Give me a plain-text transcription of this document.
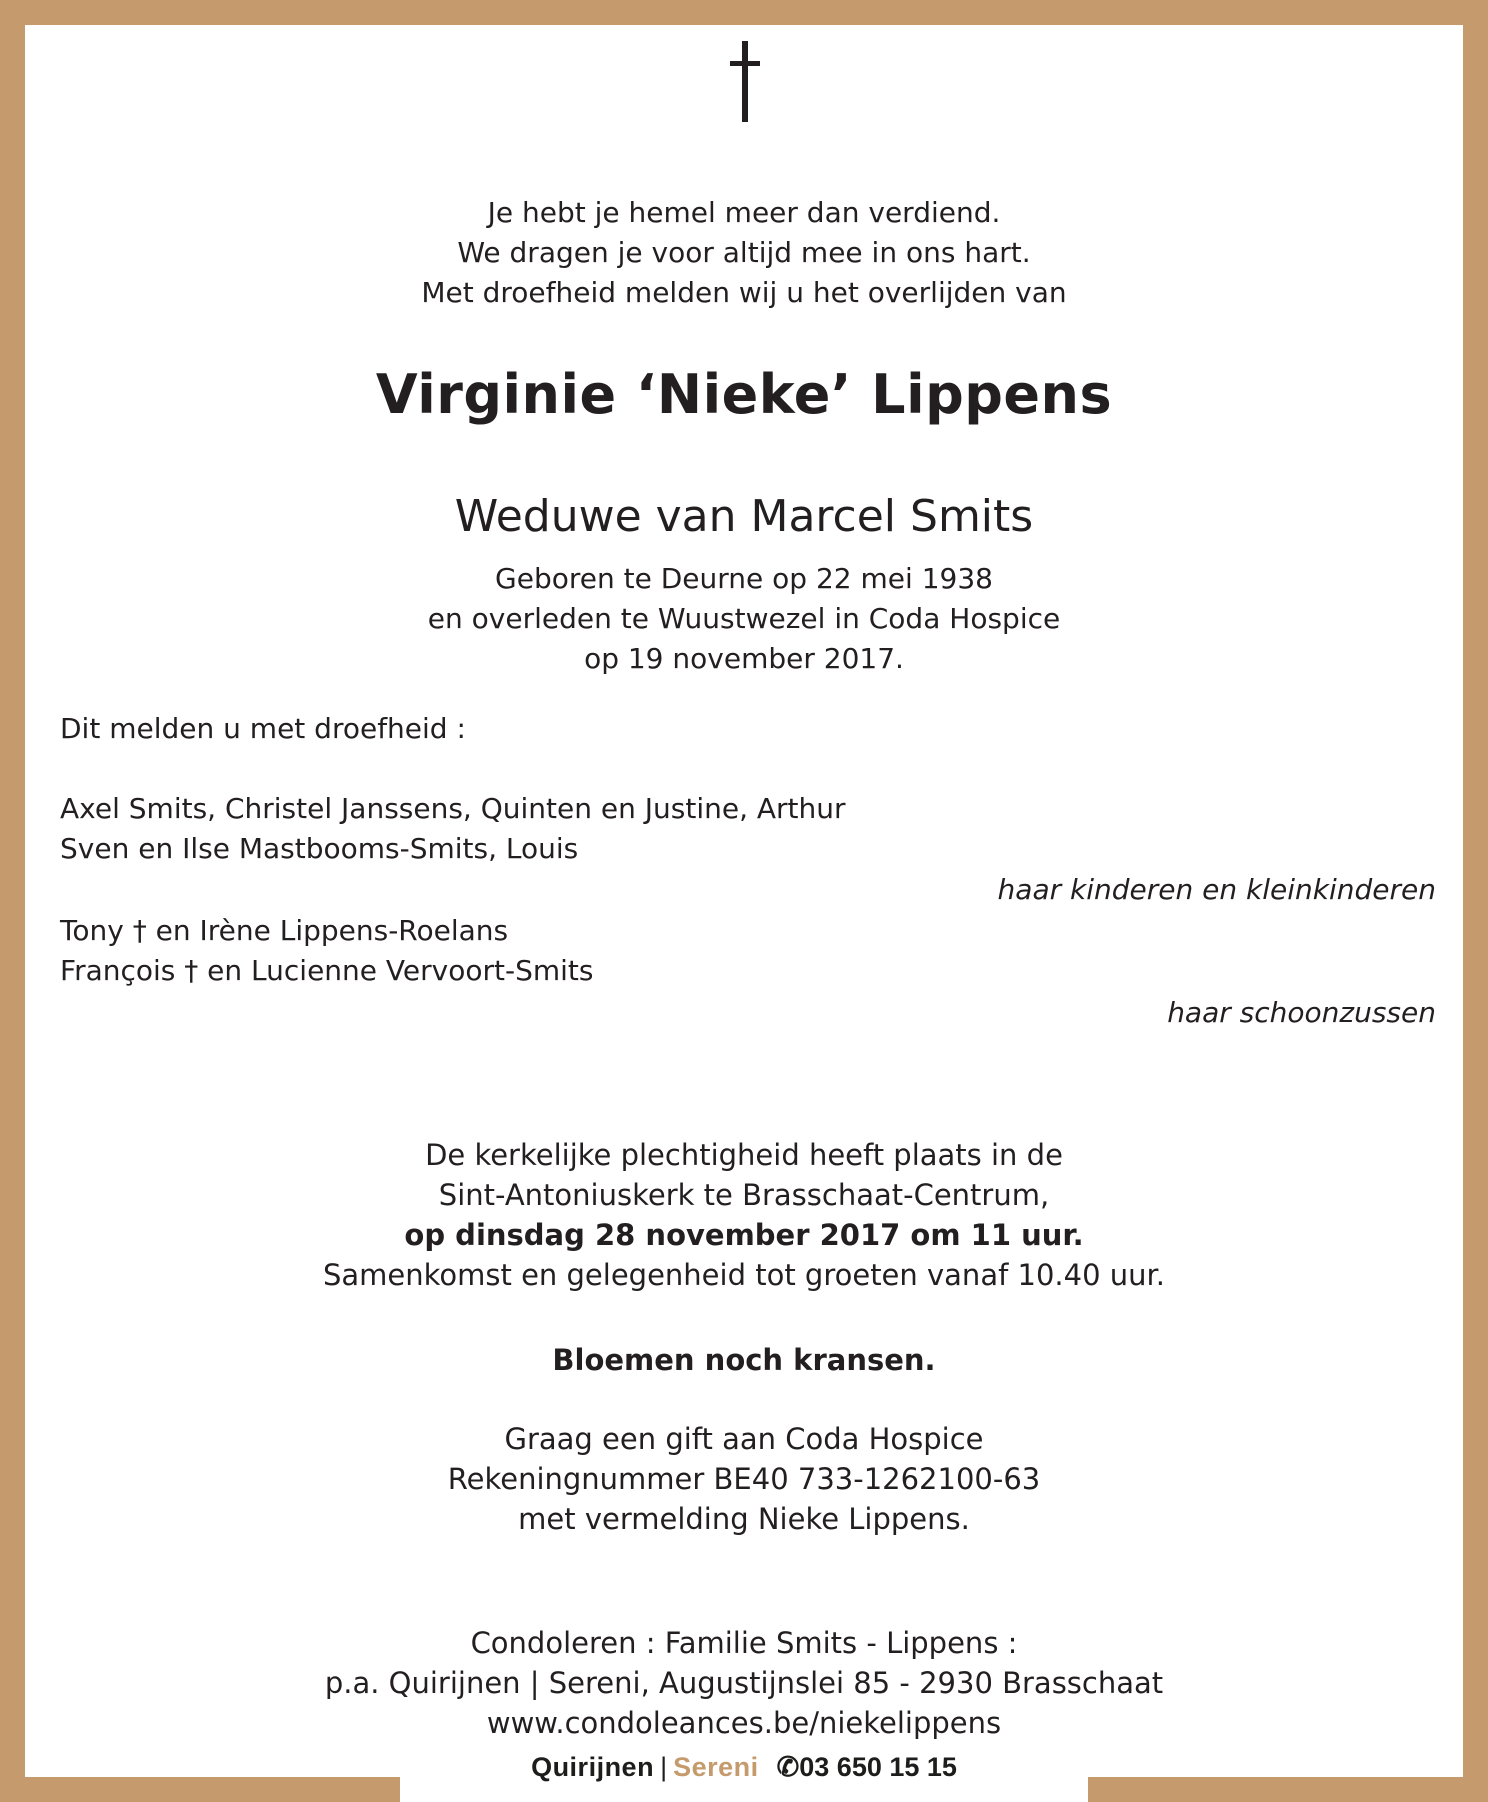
Je hebt je hemel meer dan verdiend.
We dragen je voor altijd mee in ons hart.
Met droefheid melden wij u het overlijden van
Virginie ‘Nieke’ Lippens
Weduwe van Marcel Smits
Geboren te Deurne op 22 mei 1938
en overleden te Wuustwezel in Coda Hospice
op 19 november 2017.
Dit melden u met droefheid :
Axel Smits, Christel Janssens, Quinten en Justine, Arthur
Sven en Ilse Mastbooms-Smits, Louis
haar kinderen en kleinkinderen
Tony † en Irène Lippens-Roelans
François † en Lucienne Vervoort-Smits
haar schoonzussen
De kerkelijke plechtigheid heeft plaats in de
Sint-Antoniuskerk te Brasschaat-Centrum,
op dinsdag 28 november 2017 om 11 uur.
Samenkomst en gelegenheid tot groeten vanaf 10.40 uur.
Bloemen noch kransen.
Graag een gift aan Coda Hospice
Rekeningnummer BE40 733-1262100-63
met vermelding Nieke Lippens.
Condoleren : Familie Smits - Lippens :
p.a. Quirijnen | Sereni, Augustijnslei 85 - 2930 Brasschaat
www.condoleances.be/niekelippens
Quirijnen | Sereni ✆03 650 15 15
